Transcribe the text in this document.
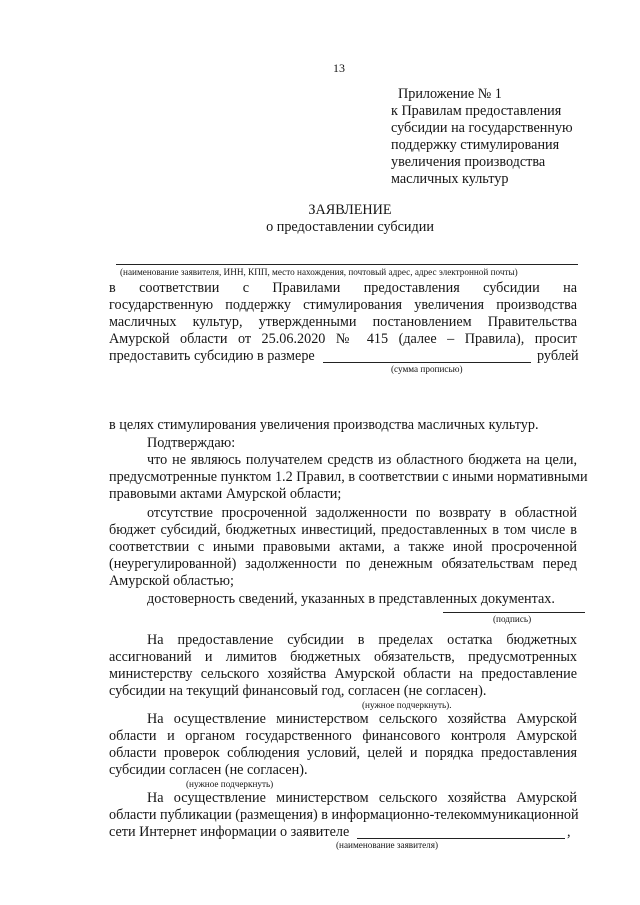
13
Приложение № 1
к Правилам предоставления
субсидии на государственную
поддержку стимулирования
увеличения производства
масличных культур
ЗАЯВЛЕНИЕ
о предоставлении субсидии
(наименование заявителя, ИНН, КПП, место нахождения, почтовый адрес, адрес электронной почты)
в соответствии с Правилами предоставления субсидии на
государственную поддержку стимулирования увеличения производства
масличных культур, утвержденными постановлением Правительства
Амурской области от 25.06.2020 № 415 (далее – Правила), просит
предоставить субсидию в размере	рублей
(сумма прописью)
в целях стимулирования увеличения производства масличных культур.
Подтверждаю:
что не являюсь получателем средств из областного бюджета на цели,
предусмотренные пунктом 1.2 Правил, в соответствии с иными нормативными
правовыми актами Амурской области;
отсутствие просроченной задолженности по возврату в областной
бюджет субсидий, бюджетных инвестиций, предоставленных в том числе в
соответствии с иными правовыми актами, а также иной просроченной
(неурегулированной) задолженности по денежным обязательствам перед
Амурской областью;
достоверность сведений, указанных в представленных документах.
(подпись)
На предоставление субсидии в пределах остатка бюджетных
ассигнований и лимитов бюджетных обязательств, предусмотренных
министерству сельского хозяйства Амурской области на предоставление
субсидии на текущий финансовый год, согласен (не согласен).
(нужное подчеркнуть).
На осуществление министерством сельского хозяйства Амурской
области и органом государственного финансового контроля Амурской
области проверок соблюдения условий, целей и порядка предоставления
субсидии согласен (не согласен).
(нужное подчеркнуть)
На осуществление министерством сельского хозяйства Амурской
области публикации (размещения) в информационно-телекоммуникационной
сети Интернет информации о заявителе	,
(наименование заявителя)
